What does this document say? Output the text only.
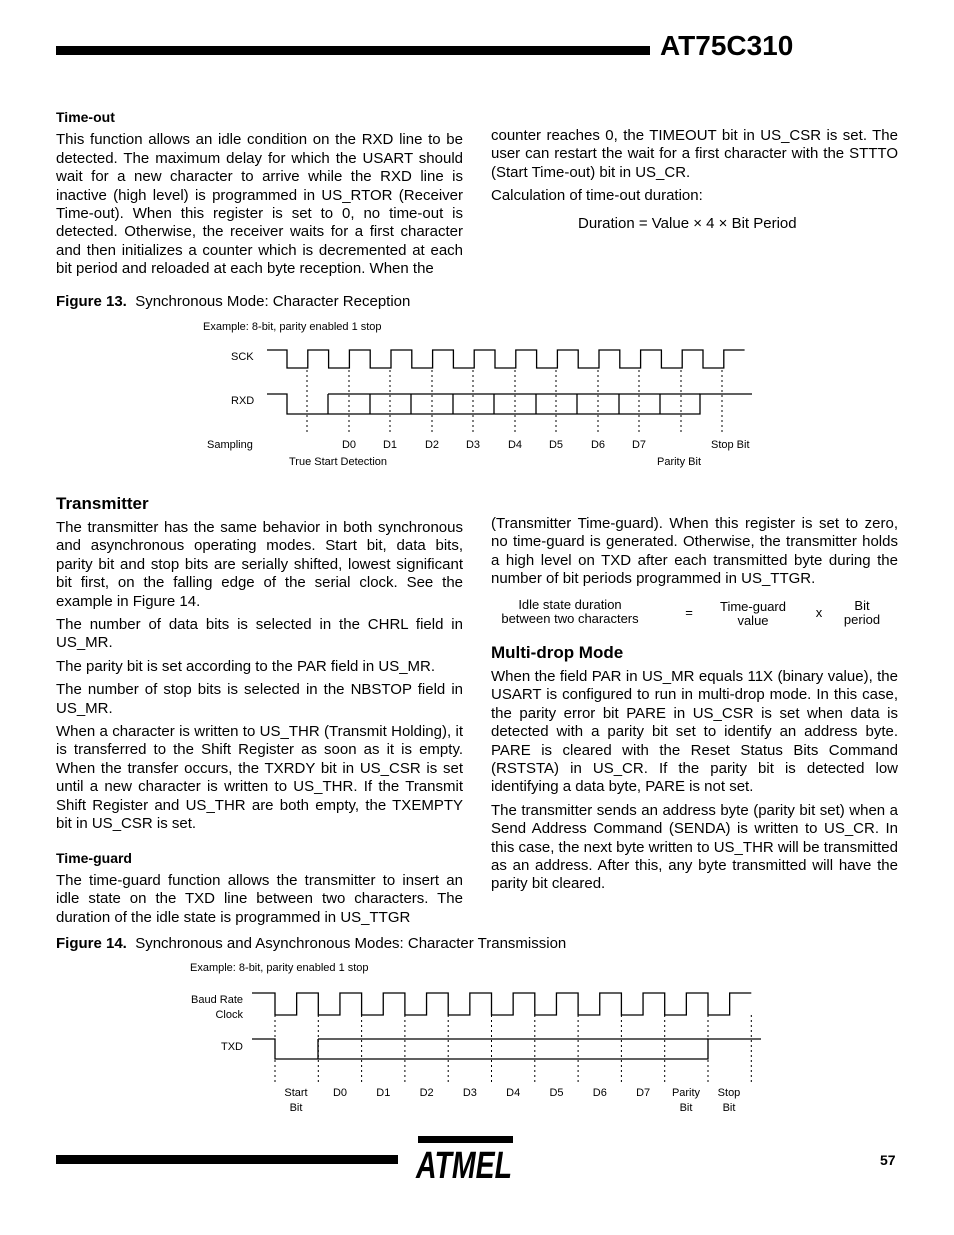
AT75C310

Time-out

This function allows an idle condition on the RXD line to be detected. The maximum delay for which the USART should wait for a new character to arrive while the RXD line is inactive (high level) is programmed in US_RTOR (Receiver Time-out). When this register is set to 0, no time-out is detected. Otherwise, the receiver waits for a first character and then initializes a counter which is decremented at each bit period and reloaded at each byte reception. When the

counter reaches 0, the TIMEOUT bit in US_CSR is set. The user can restart the wait for a first character with the STTTO (Start Time-out) bit in US_CR.

Calculation of time-out duration:

Duration = Value × 4 × Bit Period
Figure 13. Synchronous Mode: Character Reception
Example: 8-bit, parity enabled 1 stop
SCK
RXD
Sampling	D0 D1	D2 D3	D4 D5	D6 D7	Stop Bit
True Start Detection	Parity Bit

Transmitter

The transmitter has the same behavior in both synchronous and asynchronous operating modes. Start bit, data bits, parity bit and stop bits are serially shifted, lowest significant bit first, on the falling edge of the serial clock. See the example in Figure 14.

The number of data bits is selected in the CHRL field in US_MR.

The parity bit is set according to the PAR field in US_MR.

The number of stop bits is selected in the NBSTOP field in US_MR.

When a character is written to US_THR (Transmit Holding), it is transferred to the Shift Register as soon as it is empty. When the transfer occurs, the TXRDY bit in US_CSR is set until a new character is written to US_THR. If the Transmit Shift Register and US_THR are both empty, the TXEMPTY bit in US_CSR is set.

Time-guard

The time-guard function allows the transmitter to insert an idle state on the TXD line between two characters. The duration of the idle state is programmed in US_TTGR

(Transmitter Time-guard). When this register is set to zero, no time-guard is generated. Otherwise, the transmitter holds a high level on TXD after each transmitted byte during the number of bit periods programmed in US_TTGR.

Idle state duration between two characters	=	Time-guard value
x	Bit period

Multi-drop Mode

When the field PAR in US_MR equals 11X (binary value), the USART is configured to run in multi-drop mode. In this case, the parity error bit PARE in US_CSR is set when data is detected with a parity bit set to identify an address byte. PARE is cleared with the Reset Status Bits Command (RSTSTA) in US_CR. If the parity bit is detected low identifying a data byte, PARE is not set.

The transmitter sends an address byte (parity bit set) when a Send Address Command (SENDA) is written to US_CR. In this case, the next byte written to US_THR will be transmitted as an address. After this, any byte transmitted will have the parity bit cleared.

Figure 14. Synchronous and Asynchronous Modes: Character Transmission
Example: 8-bit, parity enabled 1 stop
Baud Rate
Clock
TXD
Start
Bit
D0	D1	D2	D3	D4	D5	D6	D7 Parity
Bit
Stop
Bit
ATMEL	57
